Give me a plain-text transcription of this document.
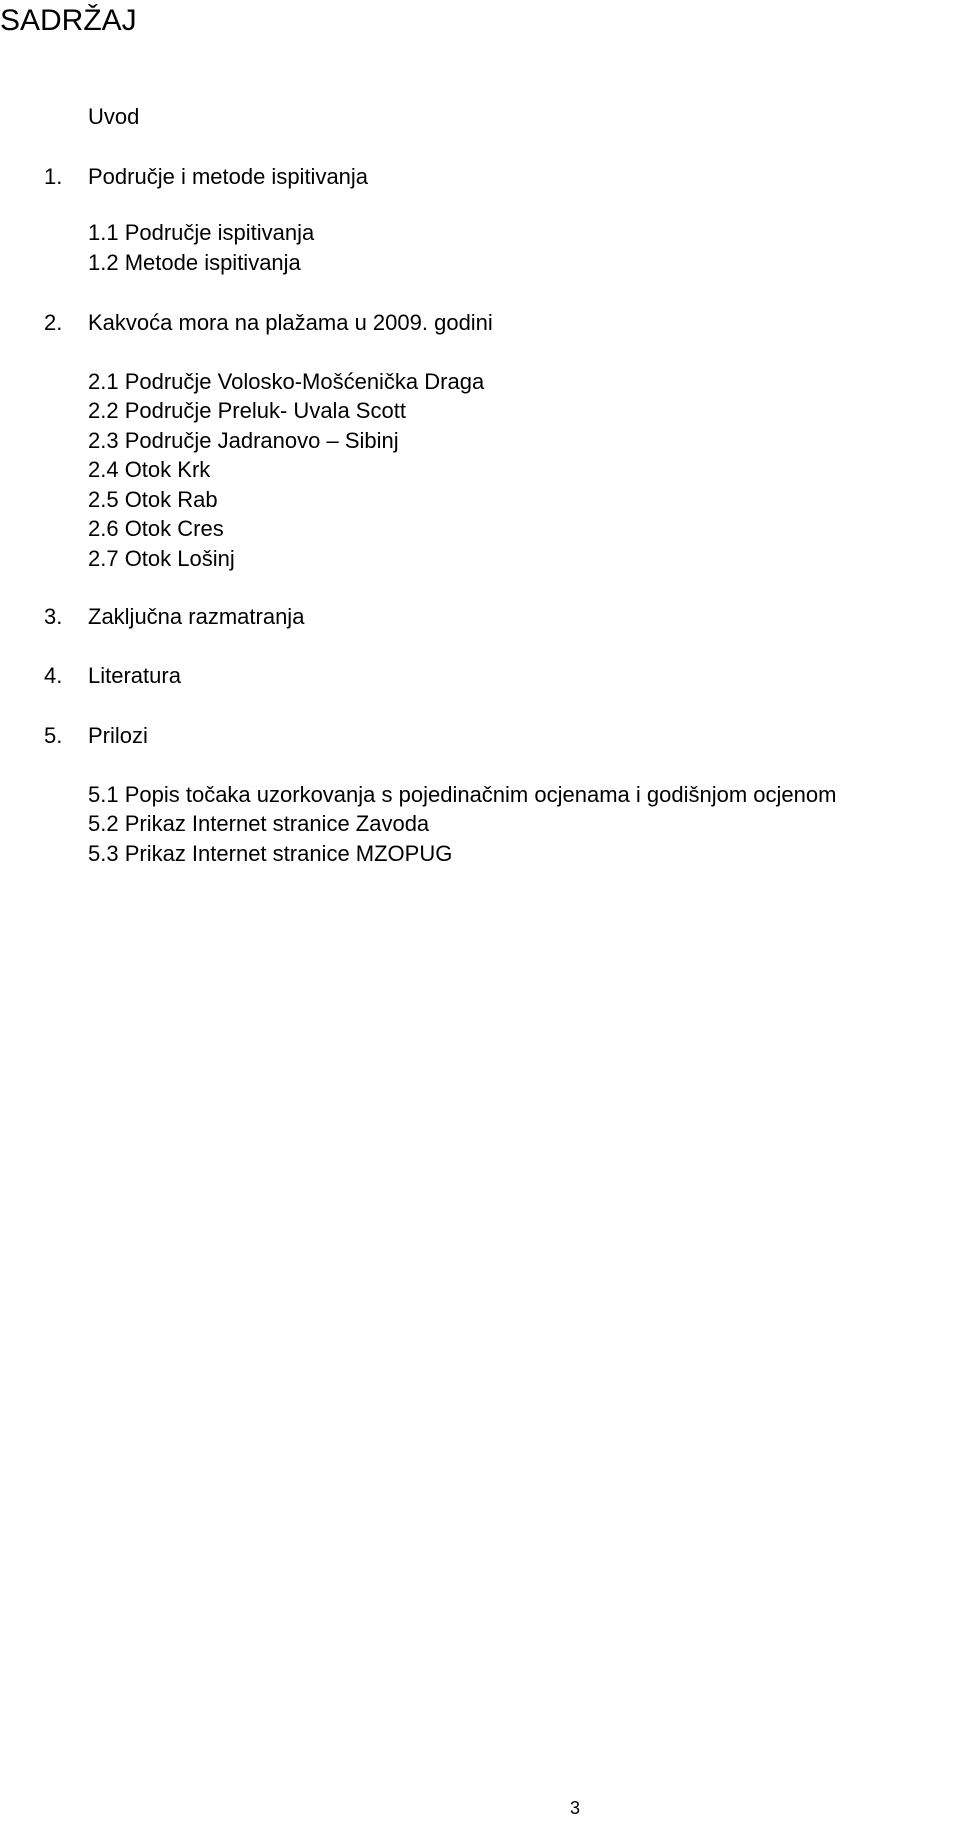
SADRŽAJ
Uvod
1. Područje i metode ispitivanja
1.1 Područje ispitivanja
1.2 Metode ispitivanja
2. Kakvoća mora na plažama u 2009. godini
2.1 Područje Volosko-Mošćenička Draga
2.2 Područje Preluk- Uvala Scott
2.3 Područje Jadranovo – Sibinj
2.4 Otok Krk
2.5 Otok Rab
2.6 Otok Cres
2.7 Otok Lošinj
3. Zaključna razmatranja
4. Literatura
5. Prilozi
5.1 Popis točaka uzorkovanja s pojedinačnim ocjenama i godišnjom ocjenom
5.2 Prikaz Internet stranice Zavoda
5.3 Prikaz Internet stranice MZOPUG
3
